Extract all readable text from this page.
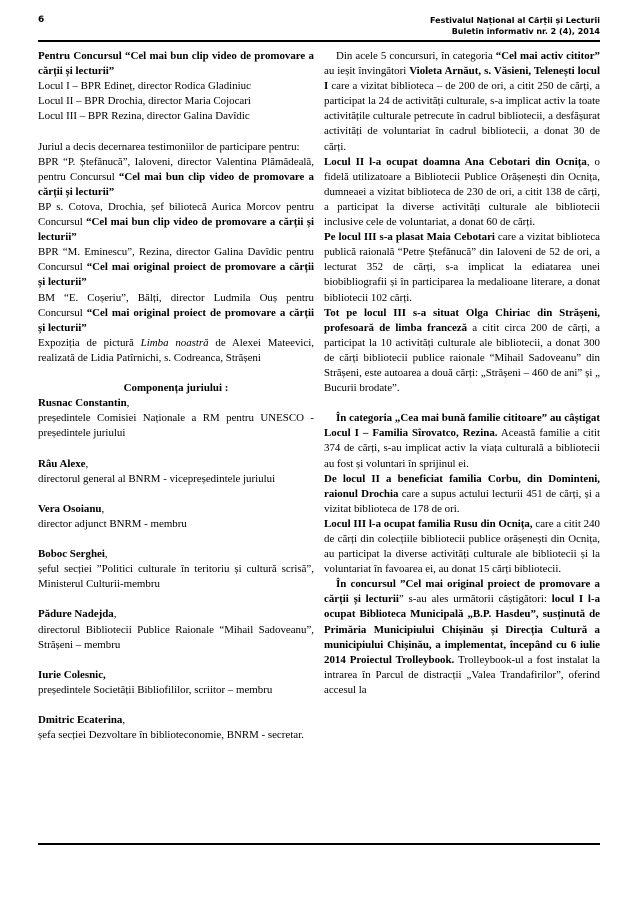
6	Festivalul Național al Cărții și Lecturii
Buletin informativ nr. 2 (4), 2014

Pentru Concursul “Cel mai bun clip video de promovare a cărții și lecturii”

Locul I – BPR Edineț, director Rodica Gladiniuc

Locul II – BPR Drochia, director Maria Cojocari

Locul III – BPR Rezina, director Galina Davîdic

Juriul a decis decernarea testimoniilor de participare pentru:

BPR “P. Ștefănucă”, Ialoveni, director Valentina Plămădeală, pentru Concursul “Cel mai bun clip video de promovare a cărții și lecturii”

BP s. Cotova, Drochia, șef biliotecă Aurica Morcov pentru Concursul “Cel mai bun clip video de promovare a cărții și lecturii”

BPR “M. Eminescu”, Rezina, director Galina Davîdic pentru Concursul “Cel mai original proiect de promovare a cărții și lecturii”

BM “E. Coșeriu”, Bălți, director Ludmila Ouș pentru Concursul “Cel mai original proiect de promovare a cărții și lecturii”

Expoziția de pictură Limba noastră de Alexei Mateevici, realizată de Lidia Patîrnichi, s. Codreanca, Strășeni

Componența juriului :

Rusnac Constantin,

președintele Comisiei Naționale a RM pentru UNESCO - președintele juriului

Râu Alexe,

directorul general al BNRM - vicepreședintele juriului

Vera Osoianu,

director adjunct BNRM - membru

Boboc Serghei,

șeful secției ”Politici culturale în teritoriu și cultură scrisă”, Ministerul Culturii-membru

Pădure Nadejda,

directorul Bibliotecii Publice Raionale “Mihail Sadoveanu”, Strășeni – membru

Iurie Colesnic,

președintele Societății Bibliofililor, scriitor – membru

Dmitric Ecaterina,

șefa secției Dezvoltare în biblioteconomie, BNRM - secretar.

Din acele 5 concursuri, în categoria “Cel mai activ cititor” au ieșit învingători Violeta Arnăut, s. Văsieni, Telenești locul I care a vizitat biblioteca – de 200 de ori, a citit 250 de cărți, a participat la 24 de activități culturale, s-a implicat activ la toate activitățile culturale petrecute în cadrul bibliotecii, a desfășurat activități de voluntariat în cadrul bibliotecii, a donat 30 de cărți.

Locul II l-a ocupat doamna Ana Cebotari din Ocnița, o fidelă utilizatoare a Bibliotecii Publice Orășenești din Ocnița, dumneaei a vizitat biblioteca de 230 de ori, a citit 138 de cărți, a participat la diverse activități culturale ale bibliotecii inclusive cele de voluntariat, a donat 60 de cărți.

Pe locul III s-a plasat Maia Cebotari care a vizitat biblioteca publică raională “Petre Ștefănucă” din Ialoveni de 52 de ori, a lecturat 352 de cărți, s-a implicat la ediatarea unei biobibliografii și în participarea la medalioane literare, a donat bibliotecii 102 cărți.

Tot pe locul III s-a situat Olga Chiriac din Strășeni, profesoară de limba franceză a citit circa 200 de cărți, a participat la 10 activități culturale ale bibliotecii, a donat 300 de cărți bibliotecii publice raionale “Mihail Sadoveanu” din Strășeni, este autoarea a două cărți: „Strășeni – 460 de ani” și „ Bucurii brodate”.

În categoria „Cea mai bună familie cititoare” au câștigat Locul I – Familia Sîrovatco, Rezina. Această familie a citit 374 de cărți, s-au implicat activ la viața culturală a bibliotecii au fost și voluntari în sprijinul ei.

De locul II a beneficiat familia Corbu, din Dominteni, raionul Drochia care a supus actului lecturii 451 de cărți, și a vizitat biblioteca de 178 de ori.

Locul III l-a ocupat familia Rusu din Ocnița, care a citit 240 de cărți din colecțiile bibliotecii publice orășenești din Ocnița, au participat la diverse activități culturale ale bibliotecii și la voluntariat în favoarea ei, au donat 15 cărți bibliotecii.

În concursul ”Cel mai original proiect de promovare a cărții și lecturii” s-au ales următorii câștigători: locul I l-a ocupat Biblioteca Municipală „B.P. Hasdeu”, susținută de Primăria Municipiului Chișinău și Direcția Cultură a municipiului Chișinău, a implementat, începând cu 6 iulie 2014 Proiectul Trolleybook. Trolleybook-ul a fost instalat la intrarea în Parcul de distracții „Valea Trandafirilor”, oferind accesul la
